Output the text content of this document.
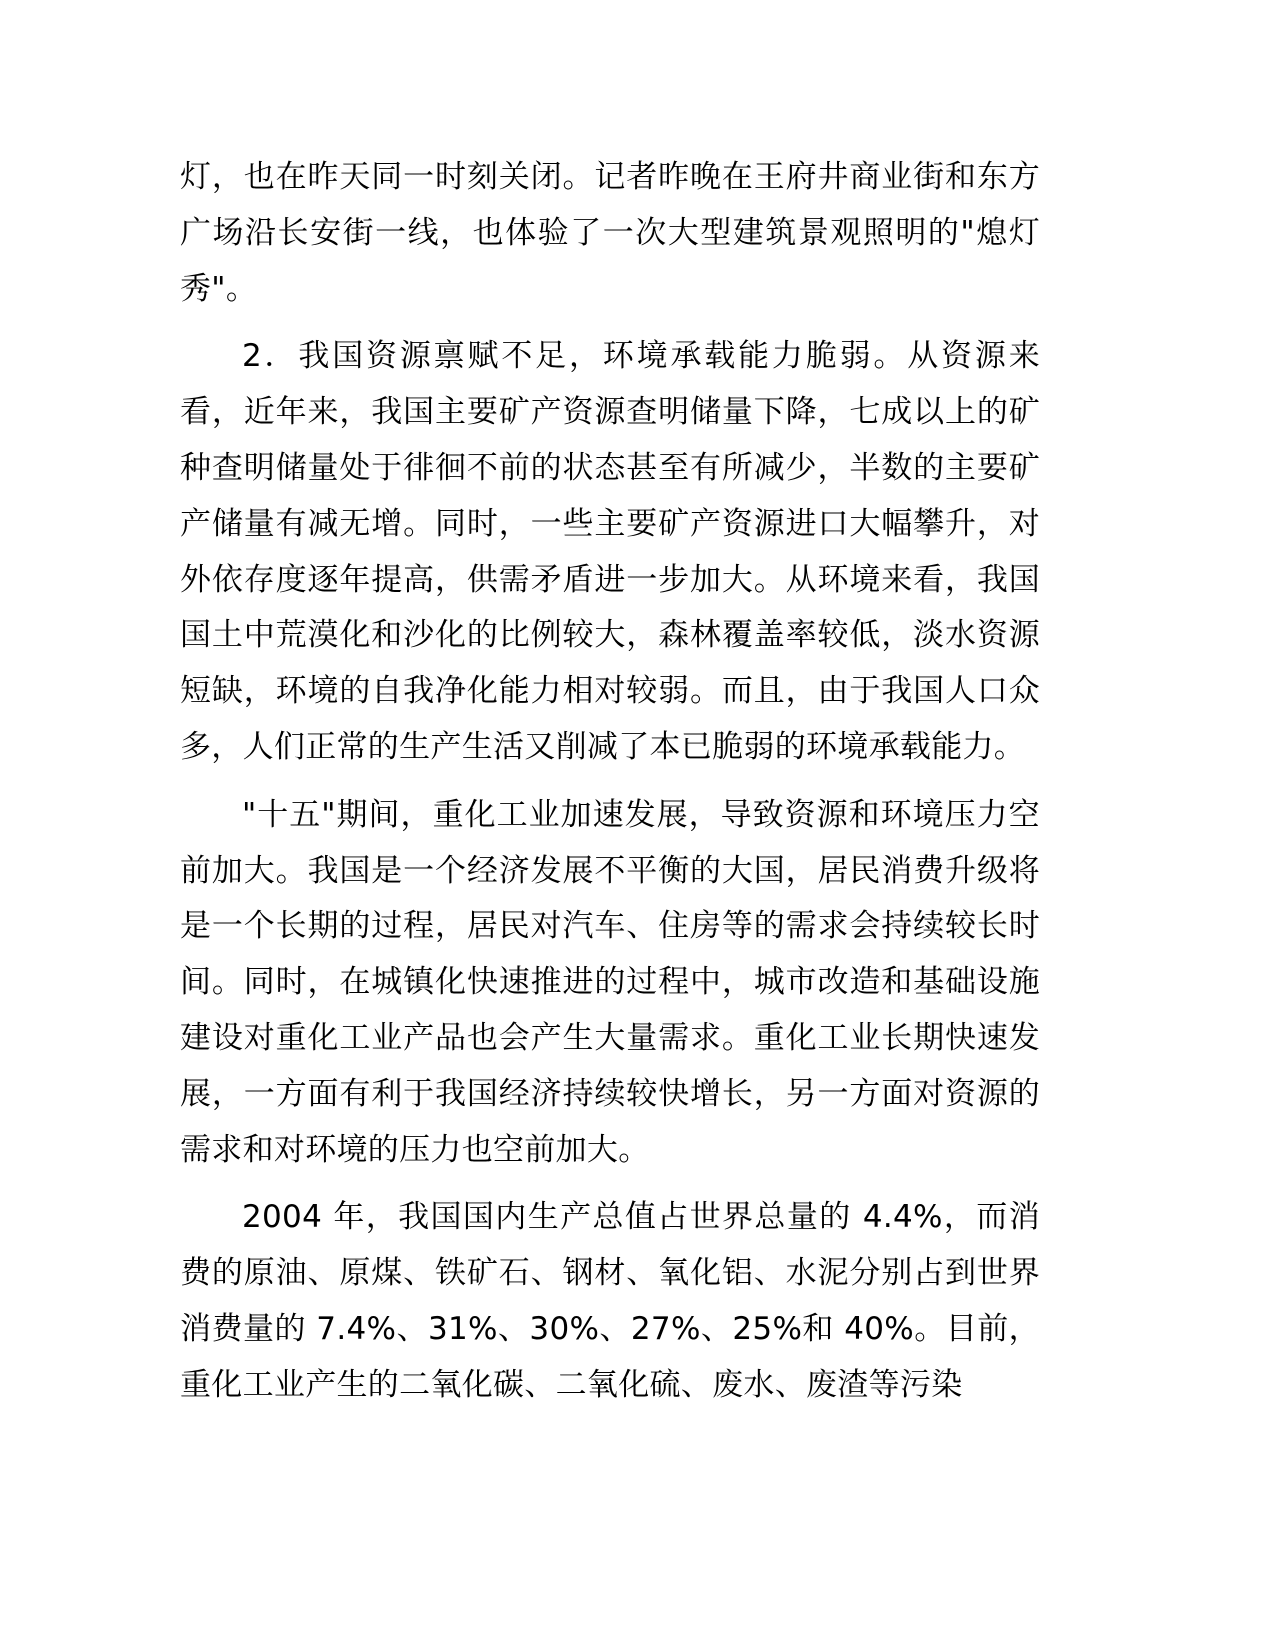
灯，也在昨天同一时刻关闭。记者昨晚在王府井商业街和东方广场沿长安街一线，也体验了一次大型建筑景观照明的"熄灯秀"。

2．我国资源禀赋不足，环境承载能力脆弱。从资源来看，近年来，我国主要矿产资源查明储量下降，七成以上的矿种查明储量处于徘徊不前的状态甚至有所减少，半数的主要矿产储量有减无增。同时，一些主要矿产资源进口大幅攀升，对外依存度逐年提高，供需矛盾进一步加大。从环境来看，我国国土中荒漠化和沙化的比例较大，森林覆盖率较低，淡水资源短缺，环境的自我净化能力相对较弱。而且，由于我国人口众多，人们正常的生产生活又削减了本已脆弱的环境承载能力。

"十五"期间，重化工业加速发展，导致资源和环境压力空前加大。我国是一个经济发展不平衡的大国，居民消费升级将是一个长期的过程，居民对汽车、住房等的需求会持续较长时间。同时，在城镇化快速推进的过程中，城市改造和基础设施建设对重化工业产品也会产生大量需求。重化工业长期快速发展，一方面有利于我国经济持续较快增长，另一方面对资源的需求和对环境的压力也空前加大。

2004 年，我国国内生产总值占世界总量的 4.4%，而消费的原油、原煤、铁矿石、钢材、氧化铝、水泥分别占到世界消费量的 7.4%、31%、30%、27%、25%和 40%。目前，重化工业产生的二氧化碳、二氧化硫、废水、废渣等污染
